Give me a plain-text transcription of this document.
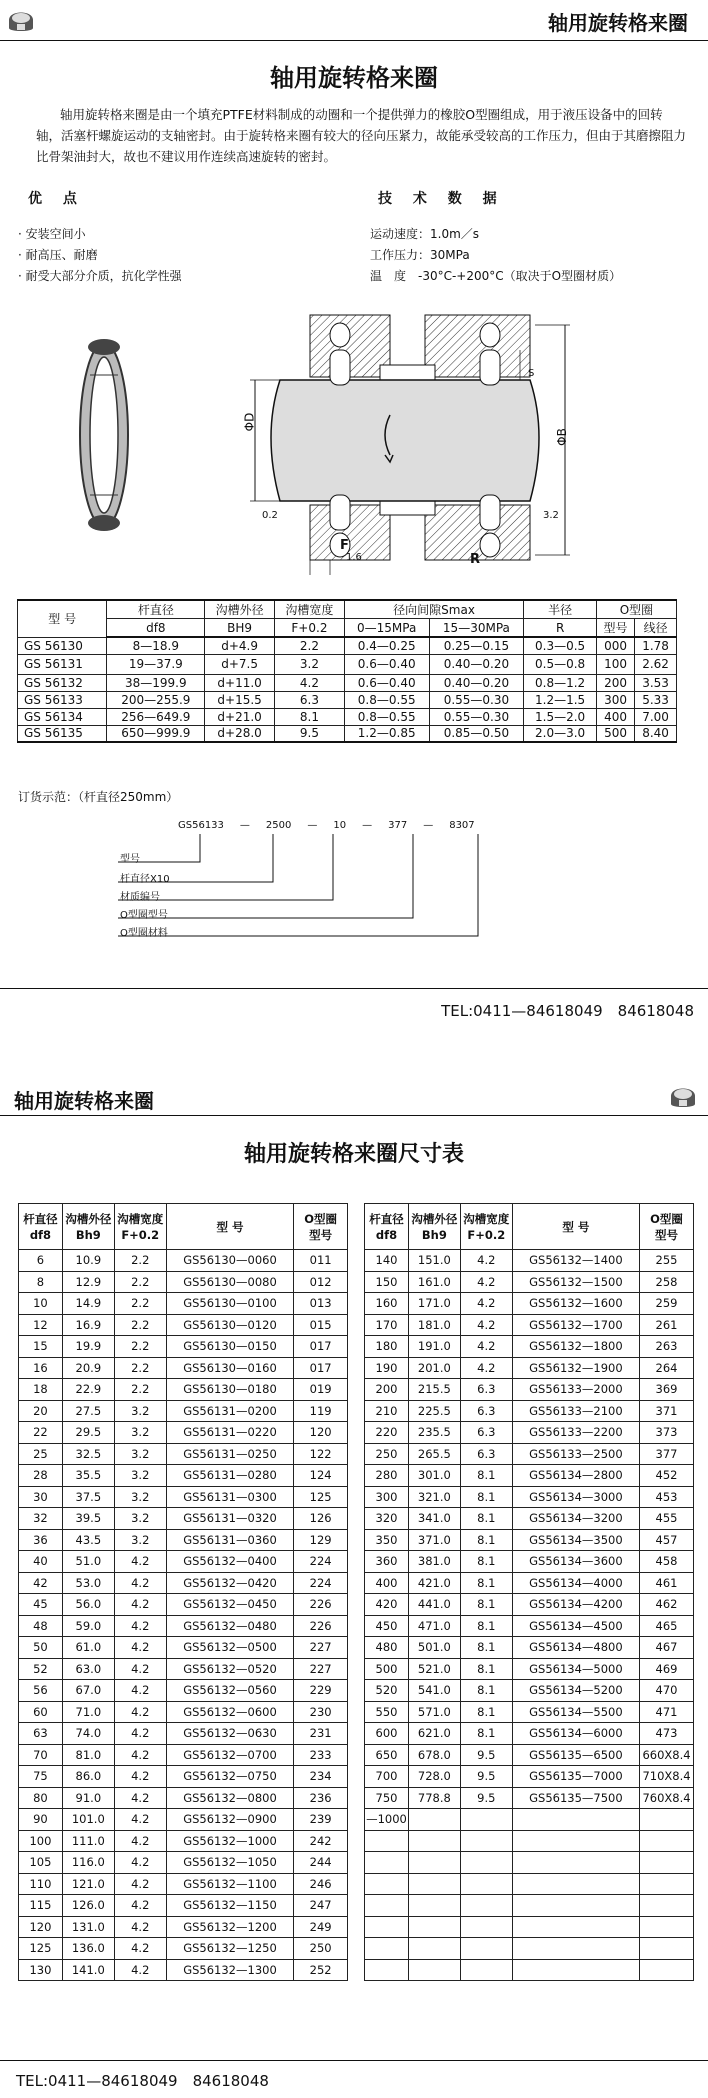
轴用旋转格来圈
轴用旋转格来圈
轴用旋转格来圈是由一个填充PTFE材料制成的动圈和一个提供弹力的橡胶O型圈组成，用于液压设备中的回转轴，活塞杆螺旋运动的支轴密封。由于旋转格来圈有较大的径向压紧力，故能承受较高的工作压力，但由于其磨擦阻力比骨架油封大，故也不建议用作连续高速旋转的密封。
优 点
· 安装空间小
· 耐高压、耐磨
· 耐受大部分介质，抗化学性强
技 术 数 据
运动速度：1.0m／s
工作压力：30MPa
温　度　-30°C-+200°C（取决于O型圈材质）
ΦD
ΦB
0.2	3.2
1.6
F
R
S
型 号	杆直径	沟槽外径	沟槽宽度	径向间隙Smax		半径	O型圈	
	df8	BH9	F+0.2	0—15MPa	15—30MPa	R	型号	线径
GS 56130	8—18.9	d+4.9	2.2	0.4—0.25	0.25—0.15	0.3—0.5	000	1.78
GS 56131	19—37.9	d+7.5	3.2	0.6—0.40	0.40—0.20	0.5—0.8	100	2.62
GS 56132	38—199.9	d+11.0	4.2	0.6—0.40	0.40—0.20	0.8—1.2	200	3.53
GS 56133	200—255.9	d+15.5	6.3	0.8—0.55	0.55—0.30	1.2—1.5	300	5.33
GS 56134	256—649.9	d+21.0	8.1	0.8—0.55	0.55—0.30	1.5—2.0	400	7.00
GS 56135	650—999.9	d+28.0	9.5	1.2—0.85	0.85—0.50	2.0—3.0	500	8.40
订货示范：（杆直径250mm）
GS56133 — 2500 — 10 — 377 — 8307
型号
杆直径X10
材质编号
O型圈型号
O型圈材料
TEL:0411—84618049　84618048
轴用旋转格来圈
轴用旋转格来圈尺寸表
杆直径
df8	沟槽外径
Bh9	沟槽宽度
F+0.2	型 号	O型圈
型号
6	10.9	2.2	GS56130—0060	011
8	12.9	2.2	GS56130—0080	012
10	14.9	2.2	GS56130—0100	013
12	16.9	2.2	GS56130—0120	015
15	19.9	2.2	GS56130—0150	017
16	20.9	2.2	GS56130—0160	017
18	22.9	2.2	GS56130—0180	019
20	27.5	3.2	GS56131—0200	119
22	29.5	3.2	GS56131—0220	120
25	32.5	3.2	GS56131—0250	122
28	35.5	3.2	GS56131—0280	124
30	37.5	3.2	GS56131—0300	125
32	39.5	3.2	GS56131—0320	126
36	43.5	3.2	GS56131—0360	129
40	51.0	4.2	GS56132—0400	224
42	53.0	4.2	GS56132—0420	224
45	56.0	4.2	GS56132—0450	226
48	59.0	4.2	GS56132—0480	226
50	61.0	4.2	GS56132—0500	227
52	63.0	4.2	GS56132—0520	227
56	67.0	4.2	GS56132—0560	229
60	71.0	4.2	GS56132—0600	230
63	74.0	4.2	GS56132—0630	231
70	81.0	4.2	GS56132—0700	233
75	86.0	4.2	GS56132—0750	234
80	91.0	4.2	GS56132—0800	236
90	101.0	4.2	GS56132—0900	239
100	111.0	4.2	GS56132—1000	242
105	116.0	4.2	GS56132—1050	244
110	121.0	4.2	GS56132—1100	246
115	126.0	4.2	GS56132—1150	247
120	131.0	4.2	GS56132—1200	249
125	136.0	4.2	GS56132—1250	250
130	141.0	4.2	GS56132—1300	252
杆直径
df8	沟槽外径
Bh9	沟槽宽度
F+0.2	型 号	O型圈
型号
140	151.0	4.2	GS56132—1400	255
150	161.0	4.2	GS56132—1500	258
160	171.0	4.2	GS56132—1600	259
170	181.0	4.2	GS56132—1700	261
180	191.0	4.2	GS56132—1800	263
190	201.0	4.2	GS56132—1900	264
200	215.5	6.3	GS56133—2000	369
210	225.5	6.3	GS56133—2100	371
220	235.5	6.3	GS56133—2200	373
250	265.5	6.3	GS56133—2500	377
280	301.0	8.1	GS56134—2800	452
300	321.0	8.1	GS56134—3000	453
320	341.0	8.1	GS56134—3200	455
350	371.0	8.1	GS56134—3500	457
360	381.0	8.1	GS56134—3600	458
400	421.0	8.1	GS56134—4000	461
420	441.0	8.1	GS56134—4200	462
450	471.0	8.1	GS56134—4500	465
480	501.0	8.1	GS56134—4800	467
500	521.0	8.1	GS56134—5000	469
520	541.0	8.1	GS56134—5200	470
550	571.0	8.1	GS56134—5500	471
600	621.0	8.1	GS56134—6000	473
650	678.0	9.5	GS56135—6500	660X8.4
700	728.0	9.5	GS56135—7000	710X8.4
750	778.8	9.5	GS56135—7500	760X8.4
—1000				

TEL:0411—84618049　84618048
